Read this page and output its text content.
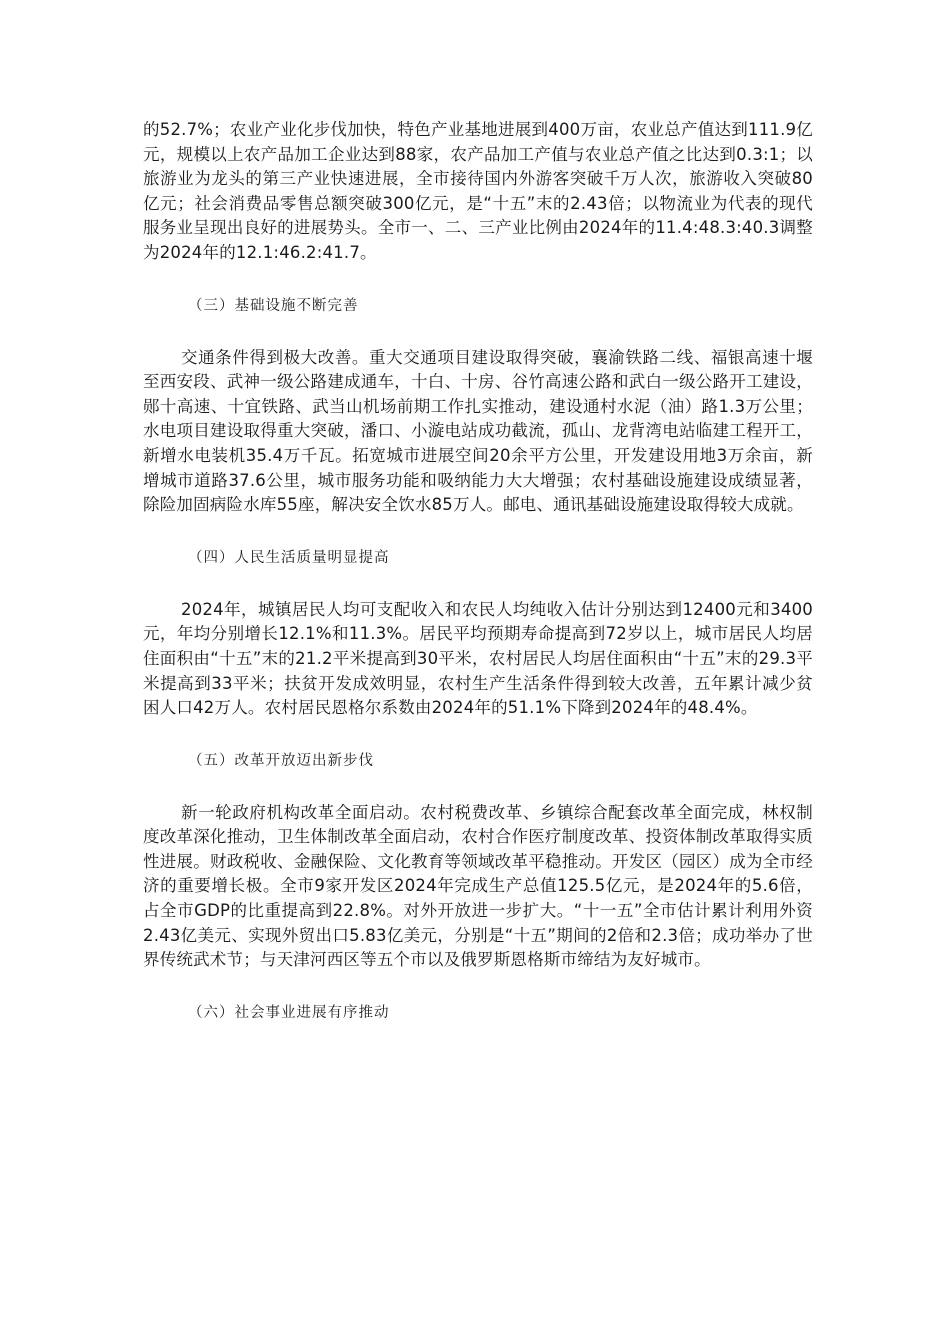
的52.7%；农业产业化步伐加快，特色产业基地进展到400万亩，农业总产值达到111.9亿元，规模以上农产品加工企业达到88家，农产品加工产值与农业总产值之比达到0.3:1；以旅游业为龙头的第三产业快速进展，全市接待国内外游客突破千万人次，旅游收入突破80亿元；社会消费品零售总额突破300亿元，是“十五”末的2.43倍；以物流业为代表的现代服务业呈现出良好的进展势头。全市一、二、三产业比例由2024年的11.4:48.3:40.3调整为2024年的12.1:46.2:41.7。

（三）基础设施不断完善

交通条件得到极大改善。重大交通项目建设取得突破，襄渝铁路二线、福银高速十堰至西安段、武神一级公路建成通车，十白、十房、谷竹高速公路和武白一级公路开工建设，郧十高速、十宜铁路、武当山机场前期工作扎实推动，建设通村水泥（油）路1.3万公里；水电项目建设取得重大突破，潘口、小漩电站成功截流，孤山、龙背湾电站临建工程开工，新增水电装机35.4万千瓦。拓宽城市进展空间20余平方公里，开发建设用地3万余亩，新增城市道路37.6公里，城市服务功能和吸纳能力大大增强；农村基础设施建设成绩显著，除险加固病险水库55座，解决安全饮水85万人。邮电、通讯基础设施建设取得较大成就。

（四）人民生活质量明显提高

2024年，城镇居民人均可支配收入和农民人均纯收入估计分别达到12400元和3400元，年均分别增长12.1%和11.3%。居民平均预期寿命提高到72岁以上，城市居民人均居住面积由“十五”末的21.2平米提高到30平米，农村居民人均居住面积由“十五”末的29.3平米提高到33平米；扶贫开发成效明显，农村生产生活条件得到较大改善，五年累计减少贫困人口42万人。农村居民恩格尔系数由2024年的51.1%下降到2024年的48.4%。

（五）改革开放迈出新步伐

新一轮政府机构改革全面启动。农村税费改革、乡镇综合配套改革全面完成，林权制度改革深化推动，卫生体制改革全面启动，农村合作医疗制度改革、投资体制改革取得实质性进展。财政税收、金融保险、文化教育等领域改革平稳推动。开发区（园区）成为全市经济的重要增长极。全市9家开发区2024年完成生产总值125.5亿元，是2024年的5.6倍，占全市GDP的比重提高到22.8%。对外开放进一步扩大。“十一五”全市估计累计利用外资2.43亿美元、实现外贸出口5.83亿美元，分别是“十五”期间的2倍和2.3倍；成功举办了世界传统武术节；与天津河西区等五个市以及俄罗斯恩格斯市缔结为友好城市。

（六）社会事业进展有序推动
